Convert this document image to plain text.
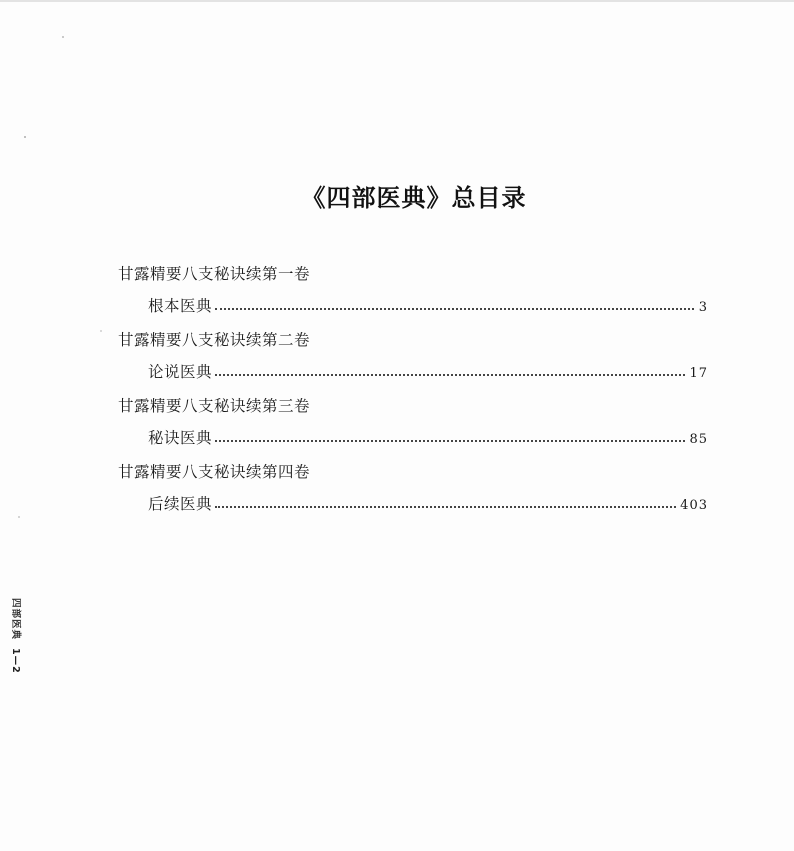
《四部医典》总目录
甘露精要八支秘诀续第一卷
根本医典	3
甘露精要八支秘诀续第二卷
论说医典	17
甘露精要八支秘诀续第三卷
秘诀医典	85
甘露精要八支秘诀续第四卷
后续医典	403
四部医典1—2
